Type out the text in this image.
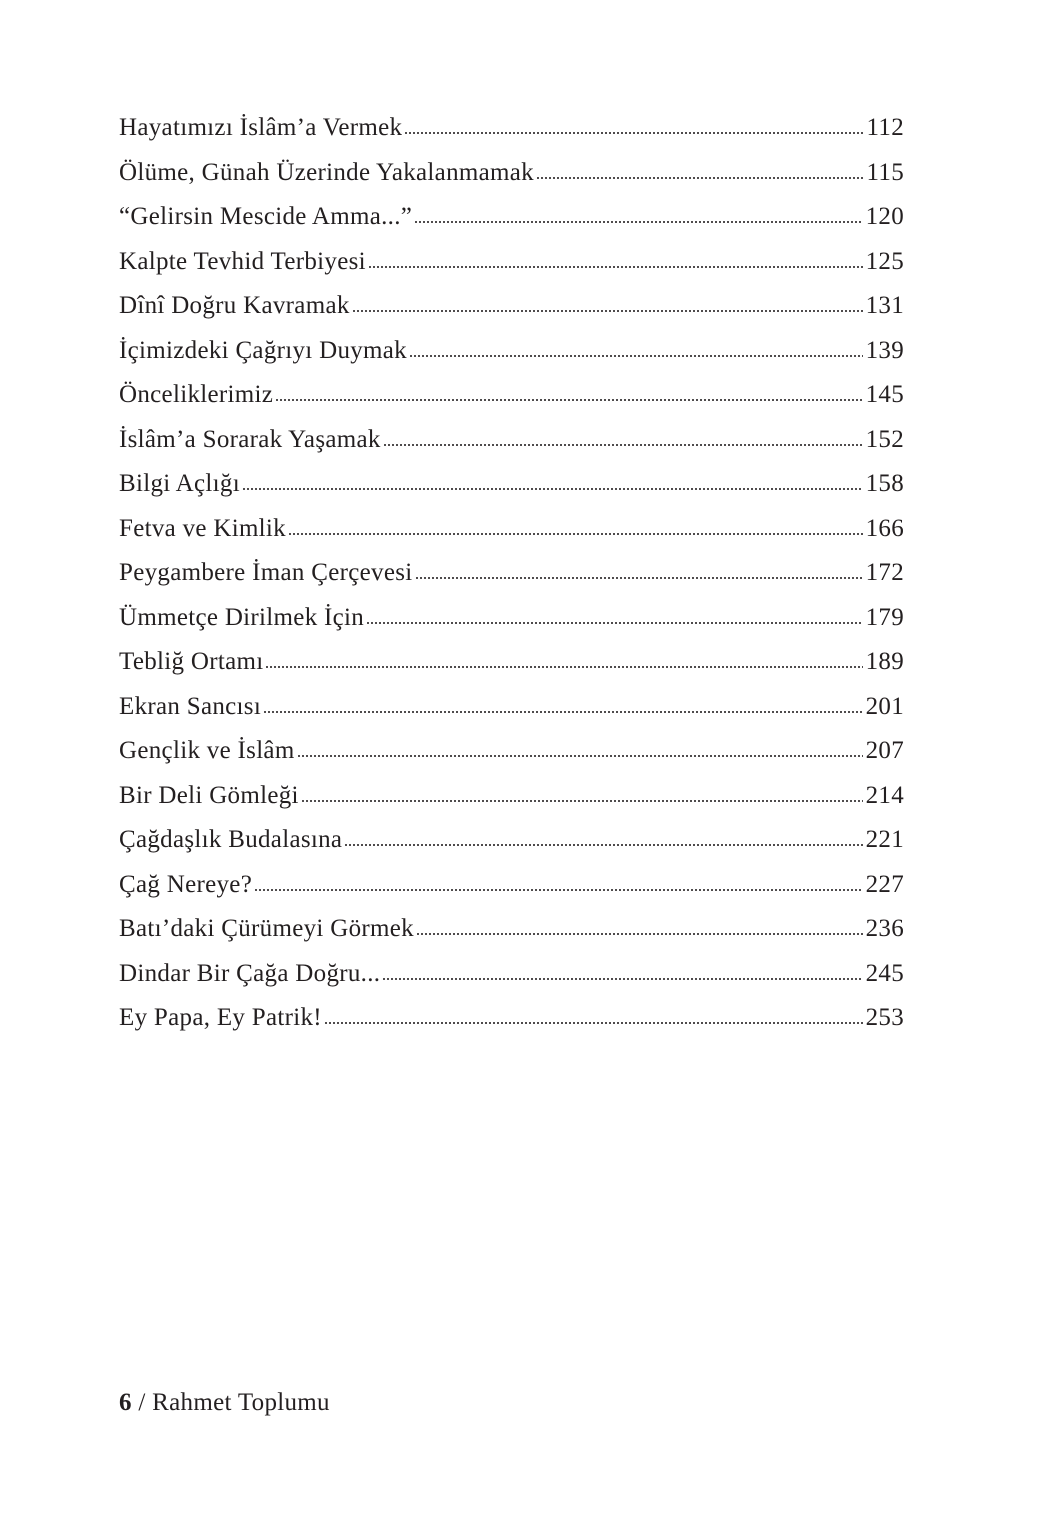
Hayatımızı İslâm’a Vermek	112
Ölüme, Günah Üzerinde Yakalanmamak	115
“Gelirsin Mescide Amma...”	120
Kalpte Tevhid Terbiyesi	125
Dînî Doğru Kavramak	131
İçimizdeki Çağrıyı Duymak	139
Önceliklerimiz	145
İslâm’a Sorarak Yaşamak	152
Bilgi Açlığı	158
Fetva ve Kimlik	166
Peygambere İman Çerçevesi	172
Ümmetçe Dirilmek İçin	179
Tebliğ Ortamı	189
Ekran Sancısı	201
Gençlik ve İslâm	207
Bir Deli Gömleği	214
Çağdaşlık Budalasına	221
Çağ Nereye?	227
Batı’daki Çürümeyi Görmek	236
Dindar Bir Çağa Doğru...	245
Ey Papa, Ey Patrik!	253
6 / Rahmet Toplumu
